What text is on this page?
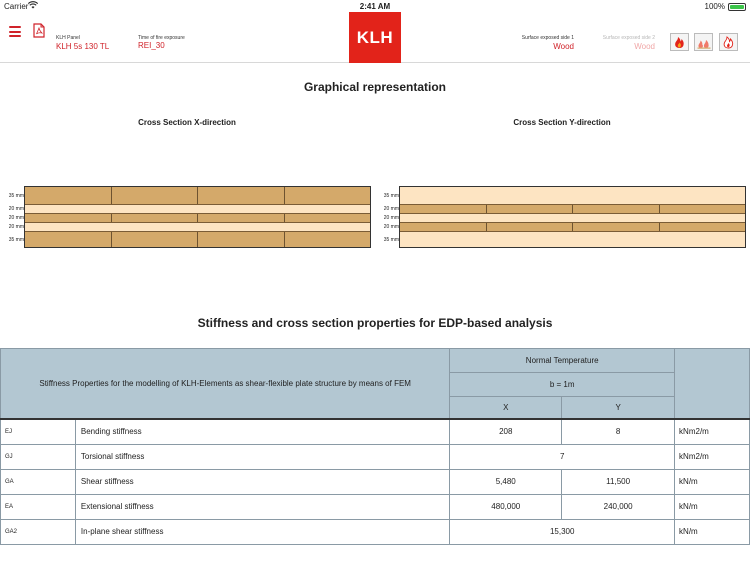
Carrier	2:41 AM	100%
KLH Panel
KLH 5s 130 TL
Time of fire exposure
REI_30	KLH	Surface exposed side 1
Wood
Surface exposed side 2
Wood
Graphical representation
Cross Section X-direction	Cross Section Y-direction
35 mm
20 mm
20 mm
20 mm
35 mm
35 mm
20 mm
20 mm
20 mm
35 mm
Stiffness and cross section properties for EDP-based analysis
Stiffness Properties for the modelling of KLH-Elements as shear-flexible plate structure by means of FEM		Normal Temperature		
		b = 1m		
		X	Y	
EJ	Bending stiffness	208	8	kNm2/m
GJ	Torsional stiffness	7		kNm2/m
GA	Shear stiffness	5,480	11,500	kN/m
EA	Extensional stiffness	480,000	240,000	kN/m
GA2	In-plane shear stiffness	15,300		kN/m
